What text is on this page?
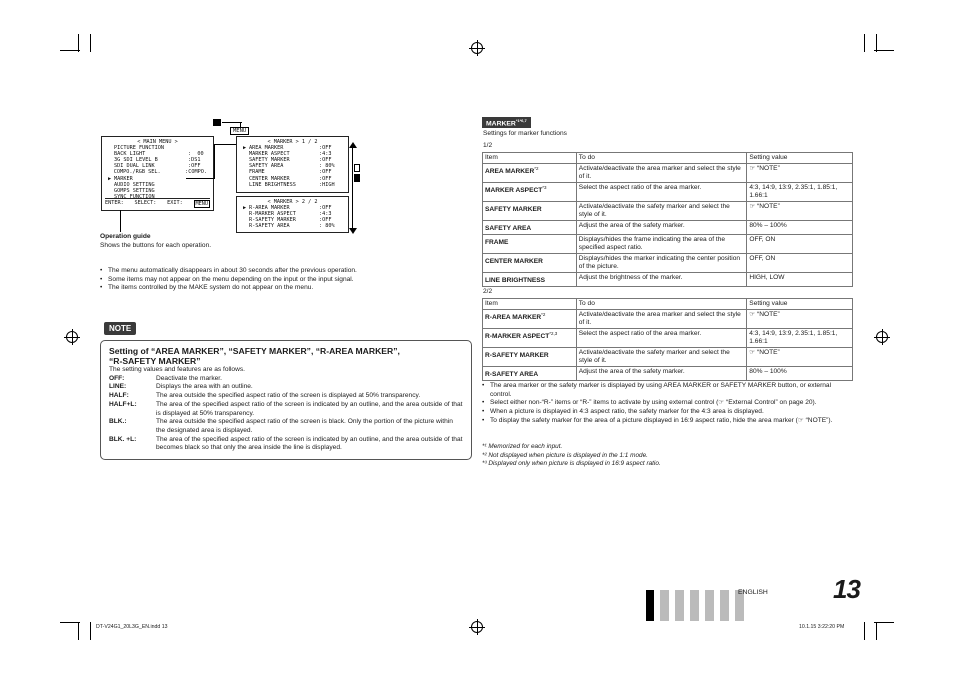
MENU
< MAIN MENU >
PICTURE FUNCTION
BACK LIGHT	:  00
3G SDI LEVEL B	:DS1
SDI DUAL LINK	:OFF
COMPO./RGB SEL.	:COMPO.
▶ MARKER
AUDIO SETTING
GOMPS SETTING
SYNC FUNCTION
ENTER: SELECT: EXIT:	MENU
< MARKER > 1 / 2
▶ AREA MARKER	:OFF
MARKER ASPECT	:4:3
SAFETY MARKER	:OFF
SAFETY AREA	: 80%
FRAME	:OFF
CENTER MARKER	:OFF
LINE BRIGHTNESS	:HIGH
< MARKER > 2 / 2
▶ R-AREA MARKER	:OFF
R-MARKER ASPECT	:4:3
R-SAFETY MARKER	:OFF
R-SAFETY AREA	: 80%
Operation guide
Shows the buttons for each operation.
• The menu automatically disappears in about 30 seconds after the previous operation.
• Some items may not appear on the menu depending on the input or the input signal.
• The items controlled by the MAKE system do not appear on the menu.
NOTE
Setting of “AREA MARKER”, “SAFETY MARKER”, “R-AREA MARKER”,
“R-SAFETY MARKER”
The setting values and features are as follows.
OFF:	Deactivate the marker.
LINE:	Displays the area with an outline.
HALF:	The area outside the specified aspect ratio of the screen is displayed at 50% transparency.
HALF+L:	The area of the specified aspect ratio of the screen is indicated by an outline, and the area outside of that is displayed at 50% transparency.
BLK.:	The area outside the specified aspect ratio of the screen is black. Only the portion of the picture within the designated area is displayed.
BLK. +L:	The area of the specified aspect ratio of the screen is indicated by an outline, and the area outside of that becomes black so that only the area inside the line is displayed.
$MARKER^{*1*6,7}$
Settings for marker functions
1/2
Item	To do	Setting value
AREA MARKER$^{*2}$	Activate/deactivate the area marker and select the style of it.	☞ “NOTE”
MARKER ASPECT$^{*3}$	Select the aspect ratio of the area marker.	4:3, 14:9, 13:9, 2.35:1, 1.85:1, 1.66:1
SAFETY MARKER	Activate/deactivate the safety marker and select the style of it.	☞ “NOTE”
SAFETY AREA	Adjust the area of the safety marker.	80% – 100%
FRAME	Displays/hides the frame indicating the area of the specified aspect ratio.	OFF, ON
CENTER MARKER	Displays/hides the marker indicating the center position of the picture.	OFF, ON
LINE BRIGHTNESS	Adjust the brightness of the marker.	HIGH, LOW
2/2
Item	To do	Setting value
R-AREA MARKER$^{*2}$	Activate/deactivate the area marker and select the style of it.	☞ “NOTE”
R-MARKER ASPECT$^{*2,3}$	Select the aspect ratio of the area marker.	4:3, 14:9, 13:9, 2.35:1, 1.85:1, 1.66:1
R-SAFETY MARKER	Activate/deactivate the safety marker and select the style of it.	☞ “NOTE”
R-SAFETY AREA	Adjust the area of the safety marker.	80% – 100%
• The area marker or the safety marker is displayed by using AREA MARKER or SAFETY MARKER button, or external control.
• Select either non-“R-” items or “R-” items to activate by using external control (☞ “External Control” on page 20).
• When a picture is displayed in 4:3 aspect ratio, the safety marker for the 4:3 area is displayed.
• To display the safety marker for the area of a picture displayed in 16:9 aspect ratio, hide the area marker (☞ “NOTE”).
*¹ Memorized for each input.
*² Not displayed when picture is displayed in the 1:1 mode.
*³ Displayed only when picture is displayed in 16:9 aspect ratio.
ENGLISH	13
DT-V24G1_20L3G_EN.indd 13	10.1.15 3:22:20 PM
